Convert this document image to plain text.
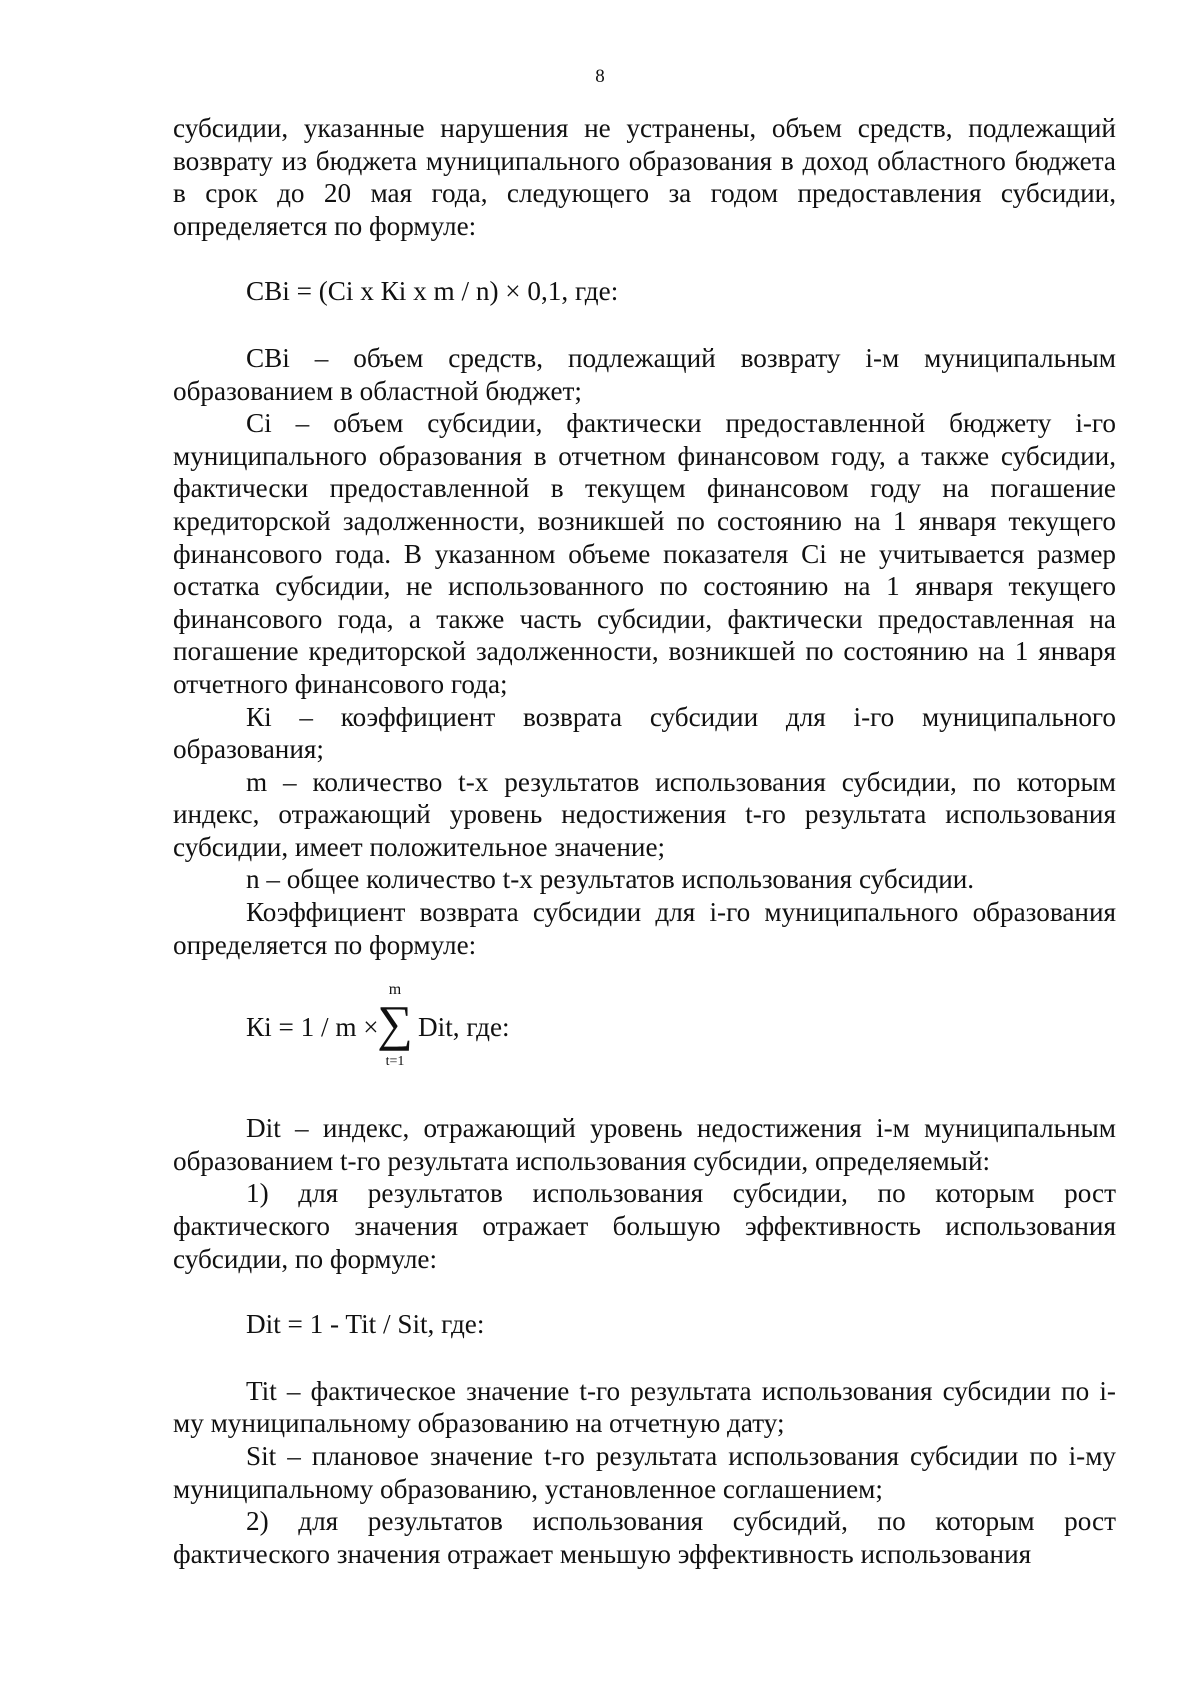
8

субсидии, указанные нарушения не устранены, объем средств, подлежащий возврату из бюджета муниципального образования в доход областного бюджета в срок до 20 мая года, следующего за годом предоставления субсидии, определяется по формуле:

СВi = (Сi х Кi х m / n) × 0,1, где:

СВi – объем средств, подлежащий возврату i-м муниципальным образованием в областной бюджет;

Сi – объем субсидии, фактически предоставленной бюджету i-го муниципального образования в отчетном финансовом году, а также субсидии, фактически предоставленной в текущем финансовом году на погашение кредиторской задолженности, возникшей по состоянию на 1 января текущего финансового года. В указанном объеме показателя Сi не учитывается размер остатка субсидии, не использованного по состоянию на 1 января текущего финансового года, а также часть субсидии, фактически предоставленная на погашение кредиторской задолженности, возникшей по состоянию на 1 января отчетного финансового года;

Кi – коэффициент возврата субсидии для i-го муниципального образования;

m – количество t-х результатов использования субсидии, по которым индекс, отражающий уровень недостижения t-го результата использования субсидии, имеет положительное значение;

n – общее количество t-х результатов использования субсидии.

Коэффициент возврата субсидии для i-го муниципального образования определяется по формуле:

Кi = 1 / m ×
m
∑
t=1
Dit, где:

Dit – индекс, отражающий уровень недостижения i-м муниципальным образованием t-го результата использования субсидии, определяемый:

1) для результатов использования субсидии, по которым рост фактического значения отражает большую эффективность использования субсидии, по формуле:

Dit = 1 - Tit / Sit, где:

Tit – фактическое значение t-го результата использования субсидии по i-му муниципальному образованию на отчетную дату;

Sit – плановое значение t-го результата использования субсидии по i-му муниципальному образованию, установленное соглашением;

2) для результатов использования субсидий, по которым рост фактического значения отражает меньшую эффективность использования
